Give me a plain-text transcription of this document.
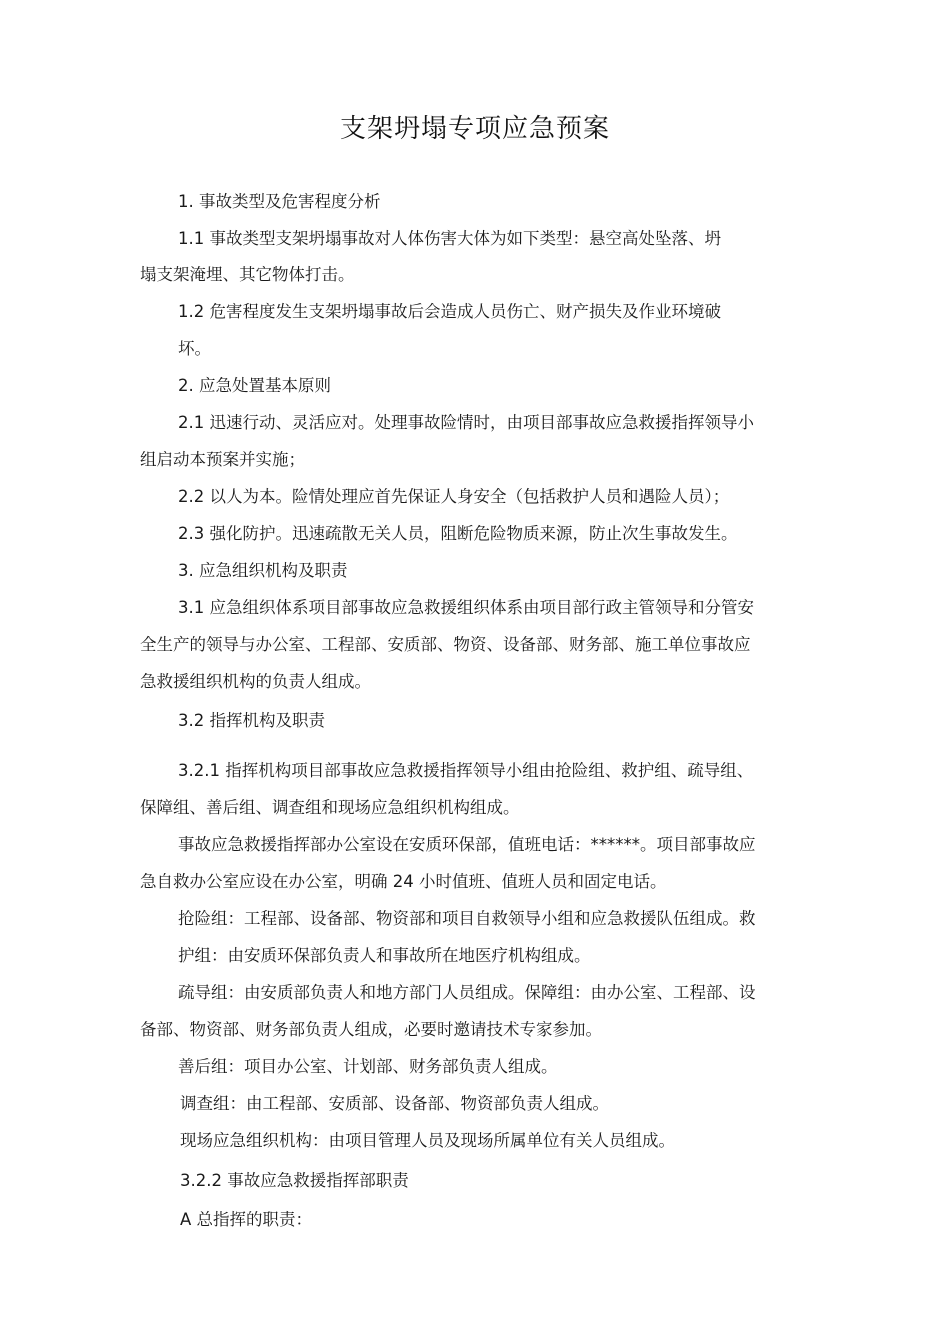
支架坍塌专项应急预案
1. 事故类型及危害程度分析
1.1 事故类型支架坍塌事故对人体伤害大体为如下类型：悬空高处坠落、坍
塌支架淹埋、其它物体打击。
1.2 危害程度发生支架坍塌事故后会造成人员伤亡、财产损失及作业环境破
坏。
2. 应急处置基本原则
2.1 迅速行动、灵活应对。处理事故险情时，由项目部事故应急救援指挥领导小
组启动本预案并实施；
2.2 以人为本。险情处理应首先保证人身安全（包括救护人员和遇险人员）；
2.3 强化防护。迅速疏散无关人员，阻断危险物质来源，防止次生事故发生。
3. 应急组织机构及职责
3.1 应急组织体系项目部事故应急救援组织体系由项目部行政主管领导和分管安
全生产的领导与办公室、工程部、安质部、物资、设备部、财务部、施工单位事故应
急救援组织机构的负责人组成。
3.2 指挥机构及职责
3.2.1 指挥机构项目部事故应急救援指挥领导小组由抢险组、救护组、疏导组、
保障组、善后组、调查组和现场应急组织机构组成。
事故应急救援指挥部办公室设在安质环保部，值班电话：******。项目部事故应
急自救办公室应设在办公室，明确 24 小时值班、值班人员和固定电话。
抢险组：工程部、设备部、物资部和项目自救领导小组和应急救援队伍组成。救
护组：由安质环保部负责人和事故所在地医疗机构组成。
疏导组：由安质部负责人和地方部门人员组成。保障组：由办公室、工程部、设
备部、物资部、财务部负责人组成，必要时邀请技术专家参加。
善后组：项目办公室、计划部、财务部负责人组成。
调查组：由工程部、安质部、设备部、物资部负责人组成。
现场应急组织机构：由项目管理人员及现场所属单位有关人员组成。
3.2.2 事故应急救援指挥部职责
A 总指挥的职责：
